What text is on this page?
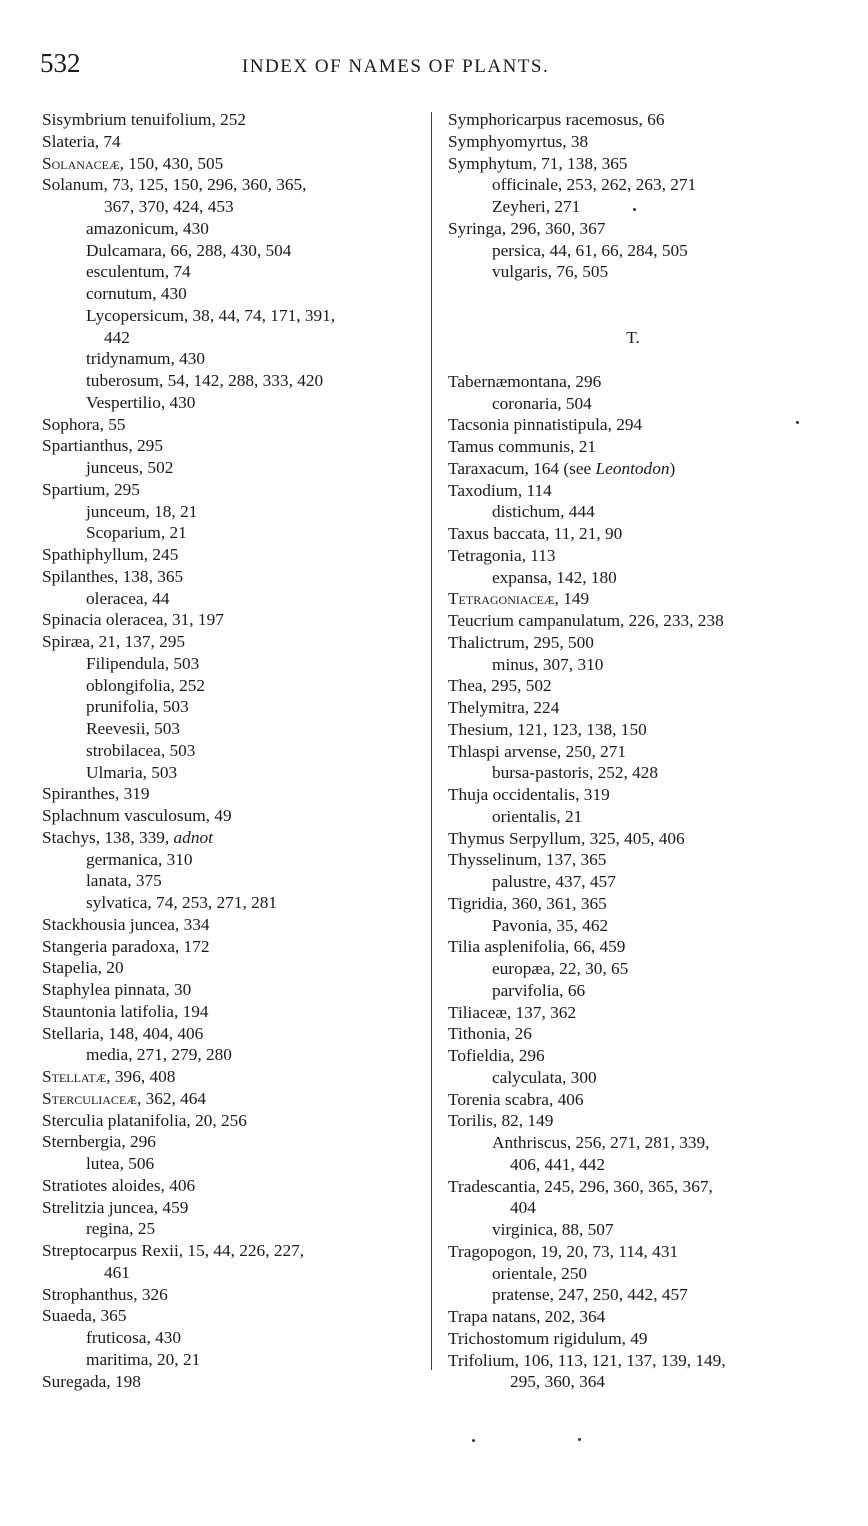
532	INDEX OF NAMES OF PLANTS.
Sisymbrium tenuifolium, 252
Slateria, 74
Solanaceæ, 150, 430, 505
Solanum, 73, 125, 150, 296, 360, 365,
367, 370, 424, 453
amazonicum, 430
Dulcamara, 66, 288, 430, 504
esculentum, 74
cornutum, 430
Lycopersicum, 38, 44, 74, 171, 391,
442
tridynamum, 430
tuberosum, 54, 142, 288, 333, 420
Vespertilio, 430
Sophora, 55
Spartianthus, 295
junceus, 502
Spartium, 295
junceum, 18, 21
Scoparium, 21
Spathiphyllum, 245
Spilanthes, 138, 365
oleracea, 44
Spinacia oleracea, 31, 197
Spiræa, 21, 137, 295
Filipendula, 503
oblongifolia, 252
prunifolia, 503
Reevesii, 503
strobilacea, 503
Ulmaria, 503
Spiranthes, 319
Splachnum vasculosum, 49
Stachys, 138, 339, adnot
germanica, 310
lanata, 375
sylvatica, 74, 253, 271, 281
Stackhousia juncea, 334
Stangeria paradoxa, 172
Stapelia, 20
Staphylea pinnata, 30
Stauntonia latifolia, 194
Stellaria, 148, 404, 406
media, 271, 279, 280
Stellatæ, 396, 408
Sterculiaceæ, 362, 464
Sterculia platanifolia, 20, 256
Sternbergia, 296
lutea, 506
Stratiotes aloides, 406
Strelitzia juncea, 459
regina, 25
Streptocarpus Rexii, 15, 44, 226, 227,
461
Strophanthus, 326
Suaeda, 365
fruticosa, 430
maritima, 20, 21
Suregada, 198
Symphoricarpus racemosus, 66
Symphyomyrtus, 38
Symphytum, 71, 138, 365
officinale, 253, 262, 263, 271
Zeyheri, 271
Syringa, 296, 360, 367
persica, 44, 61, 66, 284, 505
vulgaris, 76, 505
T.
Tabernæmontana, 296
coronaria, 504
Tacsonia pinnatistipula, 294
Tamus communis, 21
Taraxacum, 164 (see Leontodon)
Taxodium, 114
distichum, 444
Taxus baccata, 11, 21, 90
Tetragonia, 113
expansa, 142, 180
Tetragoniaceæ, 149
Teucrium campanulatum, 226, 233, 238
Thalictrum, 295, 500
minus, 307, 310
Thea, 295, 502
Thelymitra, 224
Thesium, 121, 123, 138, 150
Thlaspi arvense, 250, 271
bursa-pastoris, 252, 428
Thuja occidentalis, 319
orientalis, 21
Thymus Serpyllum, 325, 405, 406
Thysselinum, 137, 365
palustre, 437, 457
Tigridia, 360, 361, 365
Pavonia, 35, 462
Tilia asplenifolia, 66, 459
europæa, 22, 30, 65
parvifolia, 66
Tiliaceæ, 137, 362
Tithonia, 26
Tofieldia, 296
calyculata, 300
Torenia scabra, 406
Torilis, 82, 149
Anthriscus, 256, 271, 281, 339,
406, 441, 442
Tradescantia, 245, 296, 360, 365, 367,
404
virginica, 88, 507
Tragopogon, 19, 20, 73, 114, 431
orientale, 250
pratense, 247, 250, 442, 457
Trapa natans, 202, 364
Trichostomum rigidulum, 49
Trifolium, 106, 113, 121, 137, 139, 149,
295, 360, 364
